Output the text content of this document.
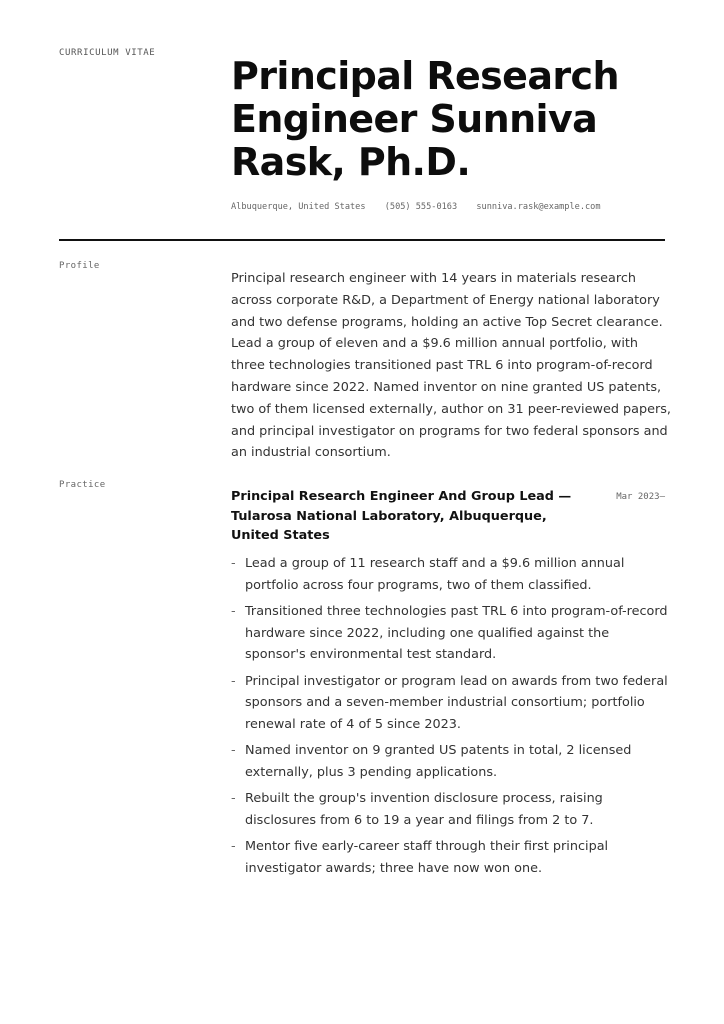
CURRICULUM VITAE
Principal Research Engineer Sunniva Rask, Ph.D.
Albuquerque, United States (505) 555-0163 sunniva.rask@example.com
Profile

Principal research engineer with 14 years in materials research across corporate R&D, a Department of Energy national laboratory and two defense programs, holding an active Top Secret clearance. Lead a group of eleven and a $9.6 million annual portfolio, with three technologies transitioned past TRL 6 into program-of-record hardware since 2022. Named inventor on nine granted US patents, two of them licensed externally, author on 31 peer-reviewed papers, and principal investigator on programs for two federal sponsors and an industrial consortium.

Practice
Principal Research Engineer And Group Lead — Tularosa National Laboratory, Albuquerque, United States
Mar 2023–
- Lead a group of 11 research staff and a $9.6 million annual portfolio across four programs, two of them classified.
- Transitioned three technologies past TRL 6 into program-of-record hardware since 2022, including one qualified against the sponsor's environmental test standard.
- Principal investigator or program lead on awards from two federal sponsors and a seven-member industrial consortium; portfolio renewal rate of 4 of 5 since 2023.
- Named inventor on 9 granted US patents in total, 2 licensed externally, plus 3 pending applications.
- Rebuilt the group's invention disclosure process, raising disclosures from 6 to 19 a year and filings from 2 to 7.
- Mentor five early-career staff through their first principal investigator awards; three have now won one.
